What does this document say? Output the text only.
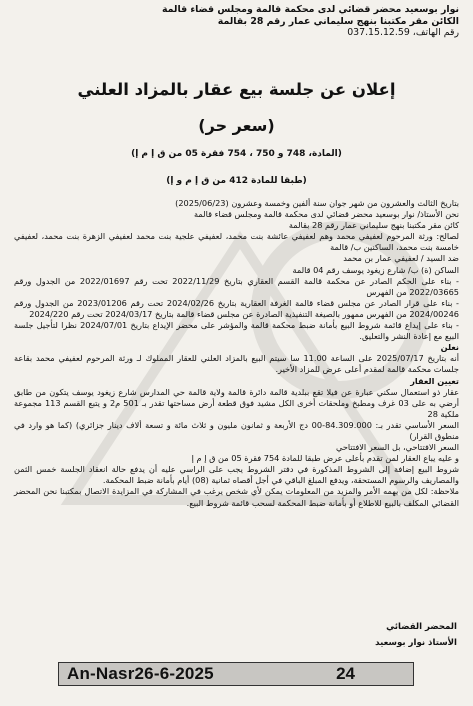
نوار بوسعيد محضر قضائي لدى محكمة قالمة ومجلس قضاء قالمة
الكائن مقر مكتبنا بنهج سليماني عمار رقم 28 بقالمة
رقم الهاتف، 037.15.12.59
إعلان عن جلسة بيع عقار بالمزاد العلني
(سعر حر)
(المادة، 748 و 750 ، 754 فقرة 05 من ق إ م إ)
(طبقا للمادة 412 من ق إ م و إ)

بتاريخ الثالث والعشرون من شهر جوان سنة ألفين وخمسة وعشرون (2025/06/23)

نحن الأستاذ/ نوار بوسعيد محضر قضائي لدى محكمة قالمة ومجلس قضاء قالمة

كائن مقر مكتبنا بنهج سليماني عمار رقم 28 بقالمة

لصالح: ورثة المرحوم لعفيفي محمد وهم لعفيفي عائشة بنت محمد، لعفيفي علجية بنت محمد لعفيفي الزهرة بنت محمد، لعفيفي خامسة بنت محمد، الساكنين ب/ قالمة

ضد السيد / لعفيفي عمار بن محمد

الساكن (ة) ب/ شارع زيغود يوسف رقم 04 قالمة

- بناء على الحكم الصادر عن محكمة قالمة القسم العقاري بتاريخ 2022/11/29 تحت رقم 2022/01697 من الجدول ورقم 2022/03665 من الفهرس

- بناء على قرار الصادر عن مجلس قضاء قالمة الغرفة العقارية بتاريخ 2024/02/26 تحت رقم 2023/01206 من الجدول ورقم 2024/00246 من الفهرس ممهور بالصيغة التنفيذية الصادرة عن مجلس قضاء قالمة بتاريخ 2024/03/17 تحت رقم 2024/220

- بناء على إيداع قائمة شروط البيع بأمانة ضبط محكمة قالمة والمؤشر على محضر الإيداع بتاريخ 2024/07/01 نظرا لتأجيل جلسة البيع مع إعادة النشر والتعليق.

نعلن

أنه بتاريخ 2025/07/17 على الساعة 11.00 سا سيتم البيع بالمزاد العلني للعقار المملوك لـ ورثة المرحوم لعفيفي محمد بقاعة جلسات محكمة قالمة لمقدم أعلى عرض للمزاد الأخير.

تعيين العقار

عقار ذو استعمال سكني عبارة عن فيلا تقع ببلدية قالمة دائرة قالمة ولاية قالمة حي المدارس شارع زيغود يوسف يتكون من طابق أرضي به على 03 غرف ومطبخ وملحقات أخرى الكل مشيد فوق قطعة أرض مساحتها تقدر بـ 501 م2 و يتبع القسم 113 مجموعة ملكية 28

السعر الأساسي تقدر بـ: 84.309.000-00 دج الأربعة و ثمانون مليون و ثلاث مائة و تسعة ألاف دينار جزائري) (كما هو وارد في منطوق القرار)

السعر الافتتاحي، بل السعر الافتتاحي

و عليه يباع العقار لمن تقدم بأعلى عرض طبقا للمادة 754 فقرة 05 من ق إ م إ

شروط البيع إضافة إلى الشروط المذكورة في دفتر الشروط يجب على الراسي عليه أن يدفع حالة انعقاد الجلسة خمس الثمن والمصاريف والرسوم المستحقة، ويدفع المبلغ الباقي في أجل أقصاه ثمانية (08) أيام بأمانة ضبط المحكمة.

ملاحظة: لكل من يهمه الأمر والمزيد من المعلومات يمكن لأي شخص يرغب في المشاركة في المزايدة الاتصال بمكتبنا نحن المحضر القضائي المكلف بالبيع للاطلاع أو بأمانة ضبط المحكمة لسحب قائمة شروط البيع.

المحضر القضائي
الأستاذ نوار بوسعيد
An-Nasr26-6-2025	24
